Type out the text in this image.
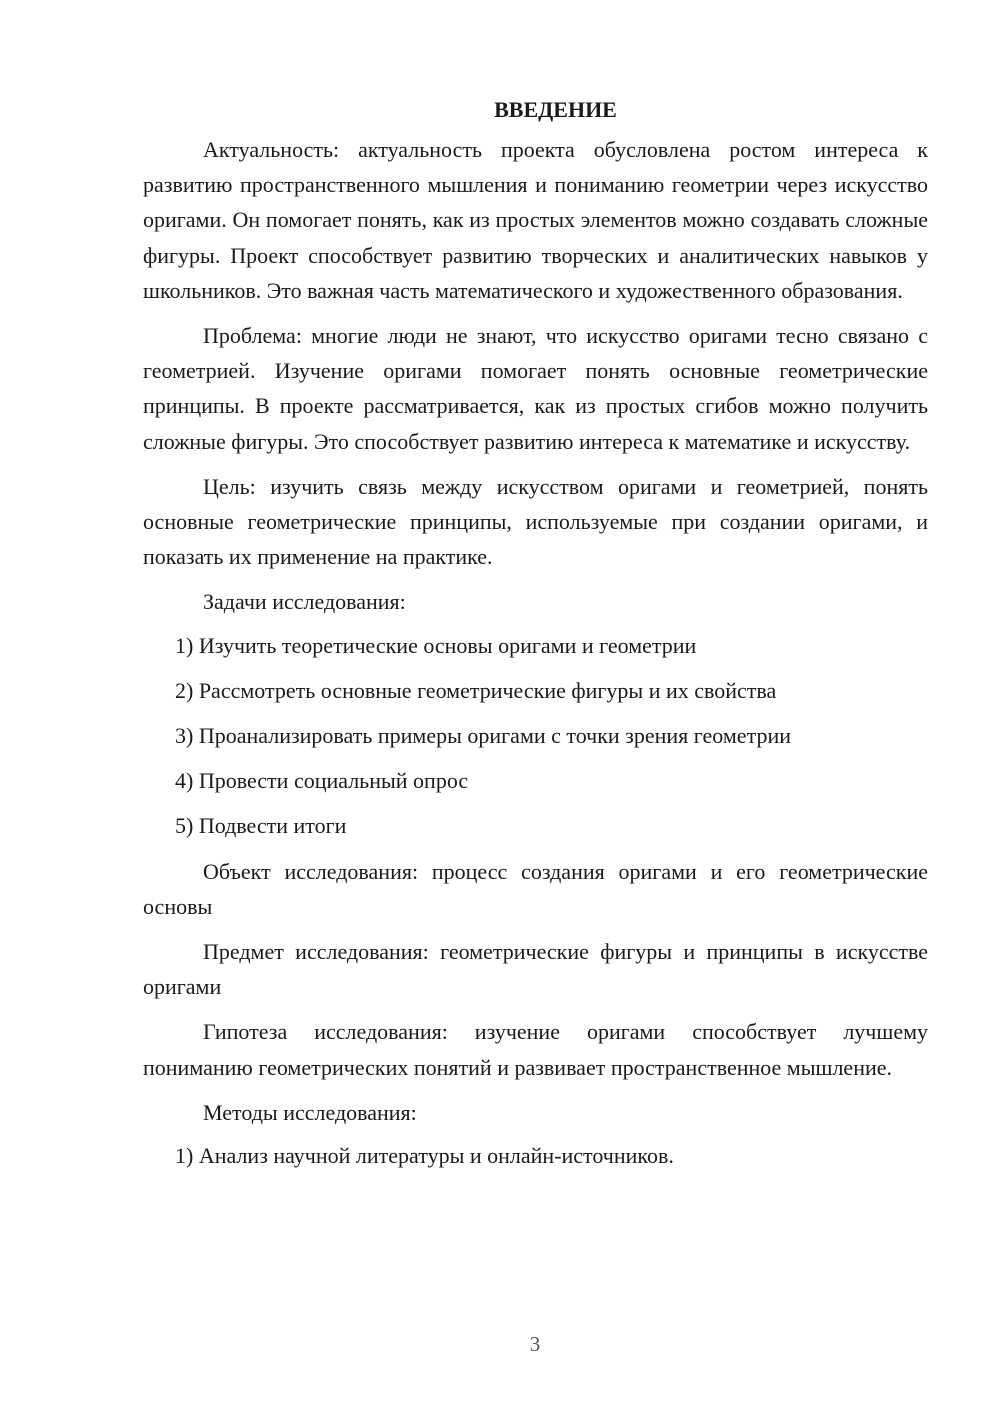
ВВЕДЕНИЕ

Актуальность: актуальность проекта обусловлена ростом интереса к развитию пространственного мышления и пониманию геометрии через искусство оригами. Он помогает понять, как из простых элементов можно создавать сложные фигуры. Проект способствует развитию творческих и аналитических навыков у школьников. Это важная часть математического и художественного образования.

Проблема: многие люди не знают, что искусство оригами тесно связано с геометрией. Изучение оригами помогает понять основные геометрические принципы. В проекте рассматривается, как из простых сгибов можно получить сложные фигуры. Это способствует развитию интереса к математике и искусству.

Цель: изучить связь между искусством оригами и геометрией, понять основные геометрические принципы, используемые при создании оригами, и показать их применение на практике.

Задачи исследования:

1) Изучить теоретические основы оригами и геометрии
2) Рассмотреть основные геометрические фигуры и их свойства
3) Проанализировать примеры оригами с точки зрения геометрии
4) Провести социальный опрос
5) Подвести итоги

Объект исследования: процесс создания оригами и его геометрические основы

Предмет исследования: геометрические фигуры и принципы в искусстве оригами

Гипотеза исследования: изучение оригами способствует лучшему пониманию геометрических понятий и развивает пространственное мышление.

Методы исследования:

1) Анализ научной литературы и онлайн-источников.
3
